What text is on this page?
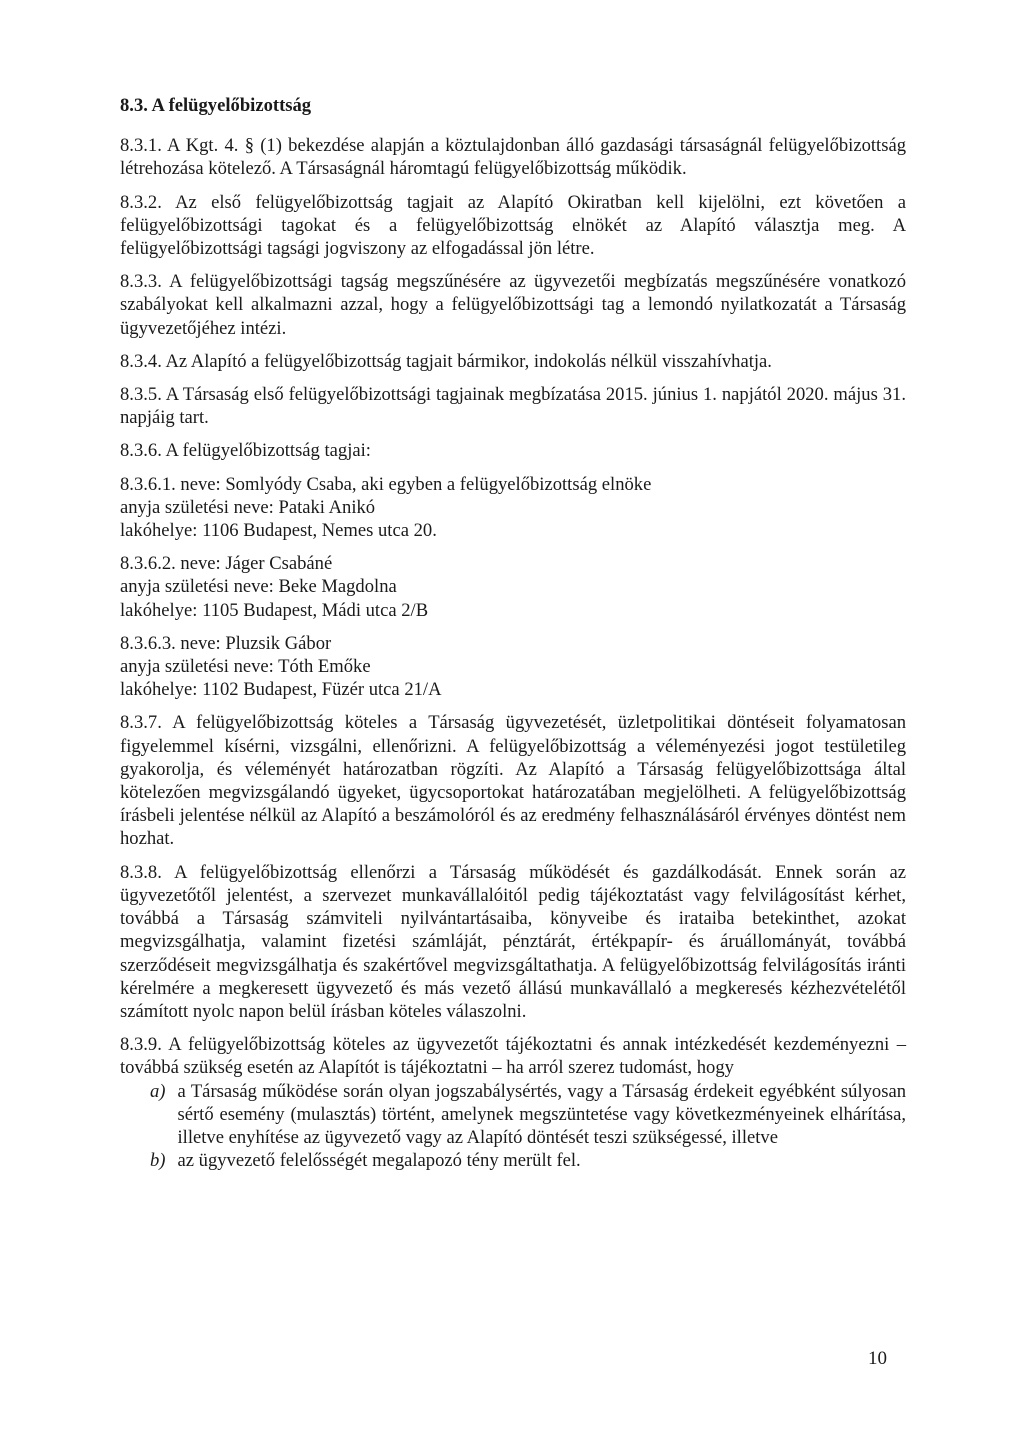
8.3. A felügyelőbizottság

8.3.1. A Kgt. 4. § (1) bekezdése alapján a köztulajdonban álló gazdasági társaságnál felügyelőbizottság létrehozása kötelező. A Társaságnál háromtagú felügyelőbizottság működik.

8.3.2. Az első felügyelőbizottság tagjait az Alapító Okiratban kell kijelölni, ezt követően a felügyelőbizottsági tagokat és a felügyelőbizottság elnökét az Alapító választja meg. A felügyelőbizottsági tagsági jogviszony az elfogadással jön létre.

8.3.3. A felügyelőbizottsági tagság megszűnésére az ügyvezetői megbízatás megszűnésére vonatkozó szabályokat kell alkalmazni azzal, hogy a felügyelőbizottsági tag a lemondó nyilatkozatát a Társaság ügyvezetőjéhez intézi.

8.3.4. Az Alapító a felügyelőbizottság tagjait bármikor, indokolás nélkül visszahívhatja.

8.3.5. A Társaság első felügyelőbizottsági tagjainak megbízatása 2015. június 1. napjától 2020. május 31. napjáig tart.

8.3.6. A felügyelőbizottság tagjai:

8.3.6.1. neve: Somlyódy Csaba, aki egyben a felügyelőbizottság elnöke
anyja születési neve: Pataki Anikó
lakóhelye: 1106 Budapest, Nemes utca 20.
8.3.6.2. neve: Jáger Csabáné
anyja születési neve: Beke Magdolna
lakóhelye: 1105 Budapest, Mádi utca 2/B
8.3.6.3. neve: Pluzsik Gábor
anyja születési neve: Tóth Emőke
lakóhelye: 1102 Budapest, Füzér utca 21/A

8.3.7. A felügyelőbizottság köteles a Társaság ügyvezetését, üzletpolitikai döntéseit folyamatosan figyelemmel kísérni, vizsgálni, ellenőrizni. A felügyelőbizottság a véleményezési jogot testületileg gyakorolja, és véleményét határozatban rögzíti. Az Alapító a Társaság felügyelőbizottsága által kötelezően megvizsgálandó ügyeket, ügycsoportokat határozatában megjelölheti. A felügyelőbizottság írásbeli jelentése nélkül az Alapító a beszámolóról és az eredmény felhasználásáról érvényes döntést nem hozhat.

8.3.8. A felügyelőbizottság ellenőrzi a Társaság működését és gazdálkodását. Ennek során az ügyvezetőtől jelentést, a szervezet munkavállalóitól pedig tájékoztatást vagy felvilágosítást kérhet, továbbá a Társaság számviteli nyilvántartásaiba, könyveibe és irataiba betekinthet, azokat megvizsgálhatja, valamint fizetési számláját, pénztárát, értékpapír- és áruállományát, továbbá szerződéseit megvizsgálhatja és szakértővel megvizsgáltathatja. A felügyelőbizottság felvilágosítás iránti kérelmére a megkeresett ügyvezető és más vezető állású munkavállaló a megkeresés kézhezvételétől számított nyolc napon belül írásban köteles válaszolni.

8.3.9. A felügyelőbizottság köteles az ügyvezetőt tájékoztatni és annak intézkedését kezdeményezni – továbbá szükség esetén az Alapítót is tájékoztatni – ha arról szerez tudomást, hogy

a) a Társaság működése során olyan jogszabálysértés, vagy a Társaság érdekeit egyébként súlyosan sértő esemény (mulasztás) történt, amelynek megszüntetése vagy következményeinek elhárítása, illetve enyhítése az ügyvezető vagy az Alapító döntését teszi szükségessé, illetve
b) az ügyvezető felelősségét megalapozó tény merült fel.
10
